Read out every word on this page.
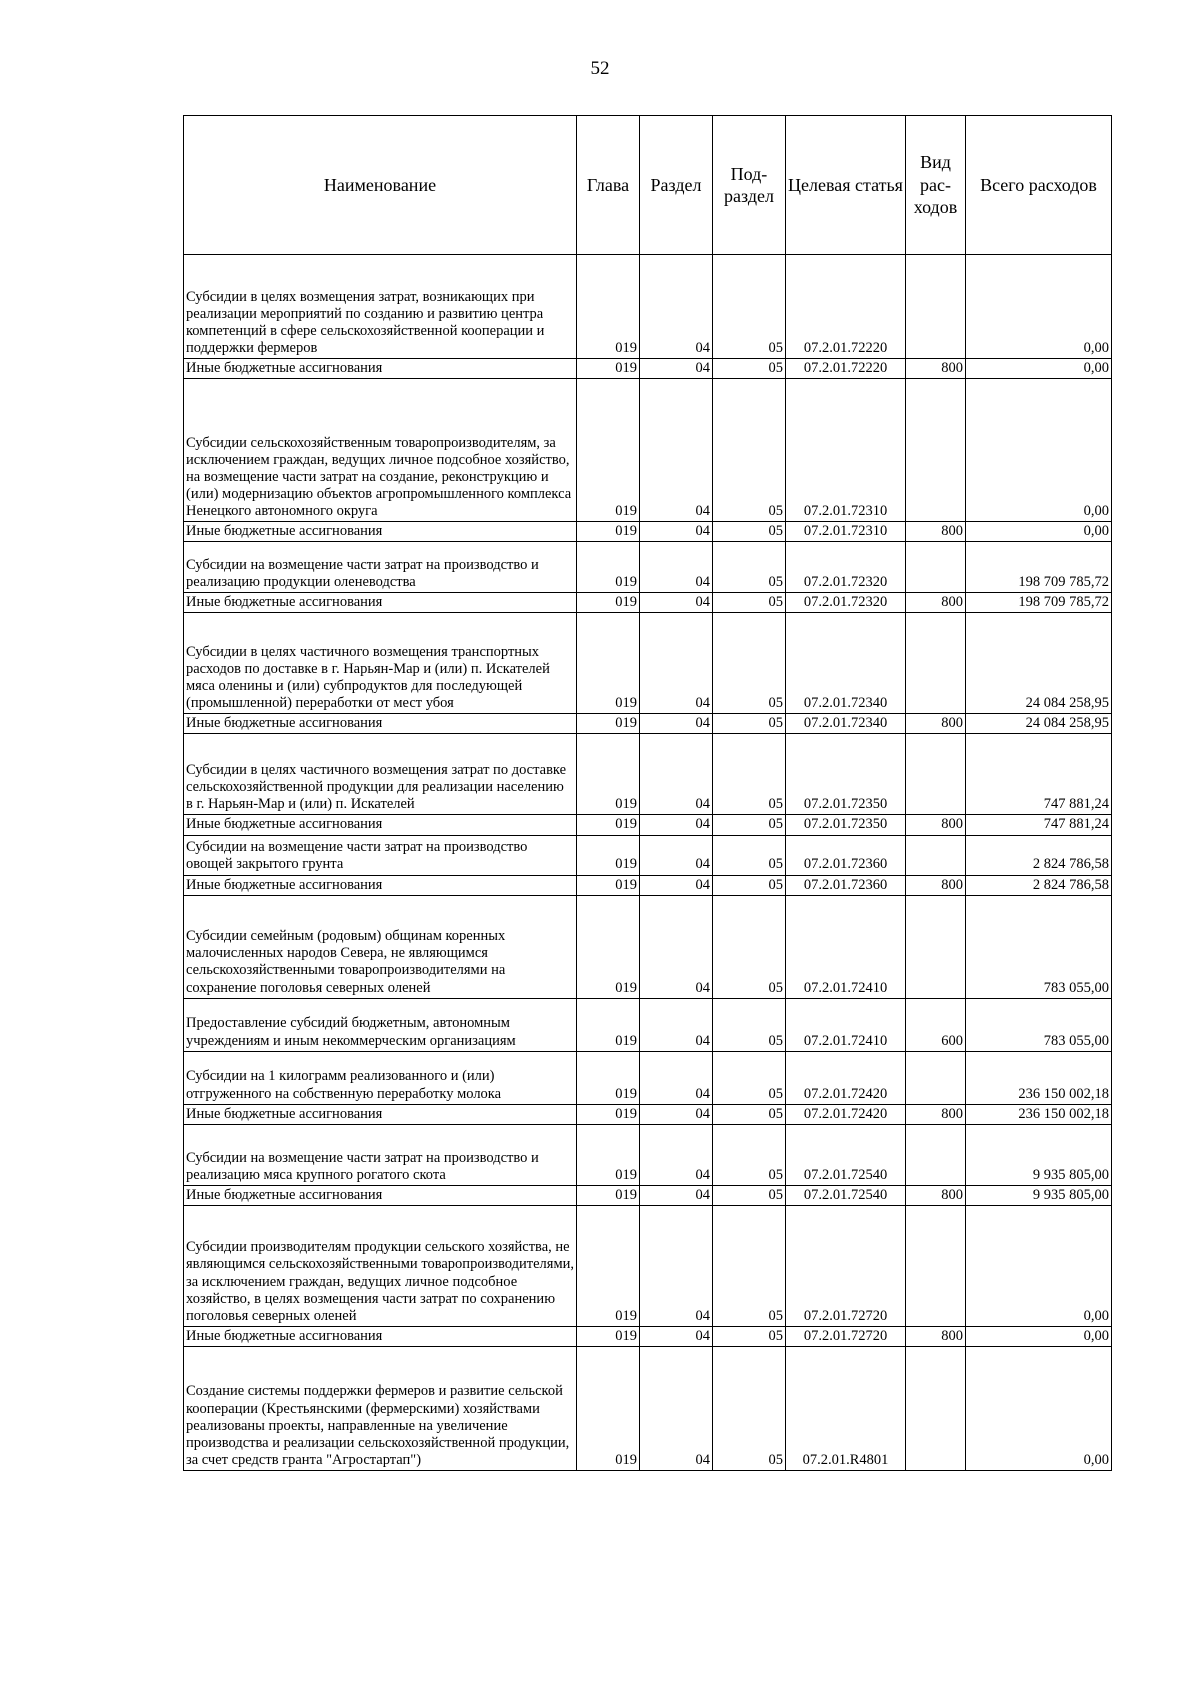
52
Наименование	Глава	Раздел	Под-раздел	Целевая статья	Вид рас-ходов	Всего расходов
Субсидии в целях возмещения затрат, возникающих при реализации мероприятий по созданию и развитию центра компетенций в сфере сельскохозяйственной кооперации и поддержки фермеров	019	04	05	07.2.01.72220		0,00
Иные бюджетные ассигнования	019	04	05	07.2.01.72220	800	0,00
Субсидии сельскохозяйственным товаропроизводителям, за исключением граждан, ведущих личное подсобное хозяйство, на возмещение части затрат на создание, реконструкцию и (или) модернизацию объектов агропромышленного комплекса Ненецкого автономного округа	019	04	05	07.2.01.72310		0,00
Иные бюджетные ассигнования	019	04	05	07.2.01.72310	800	0,00
Субсидии на возмещение части затрат на производство и реализацию продукции оленеводства	019	04	05	07.2.01.72320		198 709 785,72
Иные бюджетные ассигнования	019	04	05	07.2.01.72320	800	198 709 785,72
Субсидии в целях частичного возмещения транспортных расходов по доставке в г. Нарьян-Мар и (или) п. Искателей мяса оленины и (или) субпродуктов для последующей (промышленной) переработки от мест убоя	019	04	05	07.2.01.72340		24 084 258,95
Иные бюджетные ассигнования	019	04	05	07.2.01.72340	800	24 084 258,95
Субсидии в целях частичного возмещения затрат по доставке сельскохозяйственной продукции для реализации населению в г. Нарьян-Мар и (или) п. Искателей	019	04	05	07.2.01.72350		747 881,24
Иные бюджетные ассигнования	019	04	05	07.2.01.72350	800	747 881,24
Субсидии на возмещение части затрат на производство овощей закрытого грунта	019	04	05	07.2.01.72360		2 824 786,58
Иные бюджетные ассигнования	019	04	05	07.2.01.72360	800	2 824 786,58
Субсидии семейным (родовым) общинам коренных малочисленных народов Севера, не являющимся сельскохозяйственными товаропроизводителями на сохранение поголовья северных оленей	019	04	05	07.2.01.72410		783 055,00
Предоставление субсидий бюджетным, автономным учреждениям и иным некоммерческим организациям	019	04	05	07.2.01.72410	600	783 055,00
Субсидии на 1 килограмм реализованного и (или) отгруженного на собственную переработку молока	019	04	05	07.2.01.72420		236 150 002,18
Иные бюджетные ассигнования	019	04	05	07.2.01.72420	800	236 150 002,18
Субсидии на возмещение части затрат на производство и реализацию мяса крупного рогатого скота	019	04	05	07.2.01.72540		9 935 805,00
Иные бюджетные ассигнования	019	04	05	07.2.01.72540	800	9 935 805,00
Субсидии производителям продукции сельского хозяйства, не являющимся сельскохозяйственными товаропроизводителями, за исключением граждан, ведущих личное подсобное хозяйство, в целях возмещения части затрат по сохранению поголовья северных оленей	019	04	05	07.2.01.72720		0,00
Иные бюджетные ассигнования	019	04	05	07.2.01.72720	800	0,00
Создание системы поддержки фермеров и развитие сельской кооперации (Крестьянскими (фермерскими) хозяйствами реализованы проекты, направленные на увеличение производства и реализации сельскохозяйственной продукции, за счет средств гранта "Агростартап")	019	04	05	07.2.01.R4801		0,00
